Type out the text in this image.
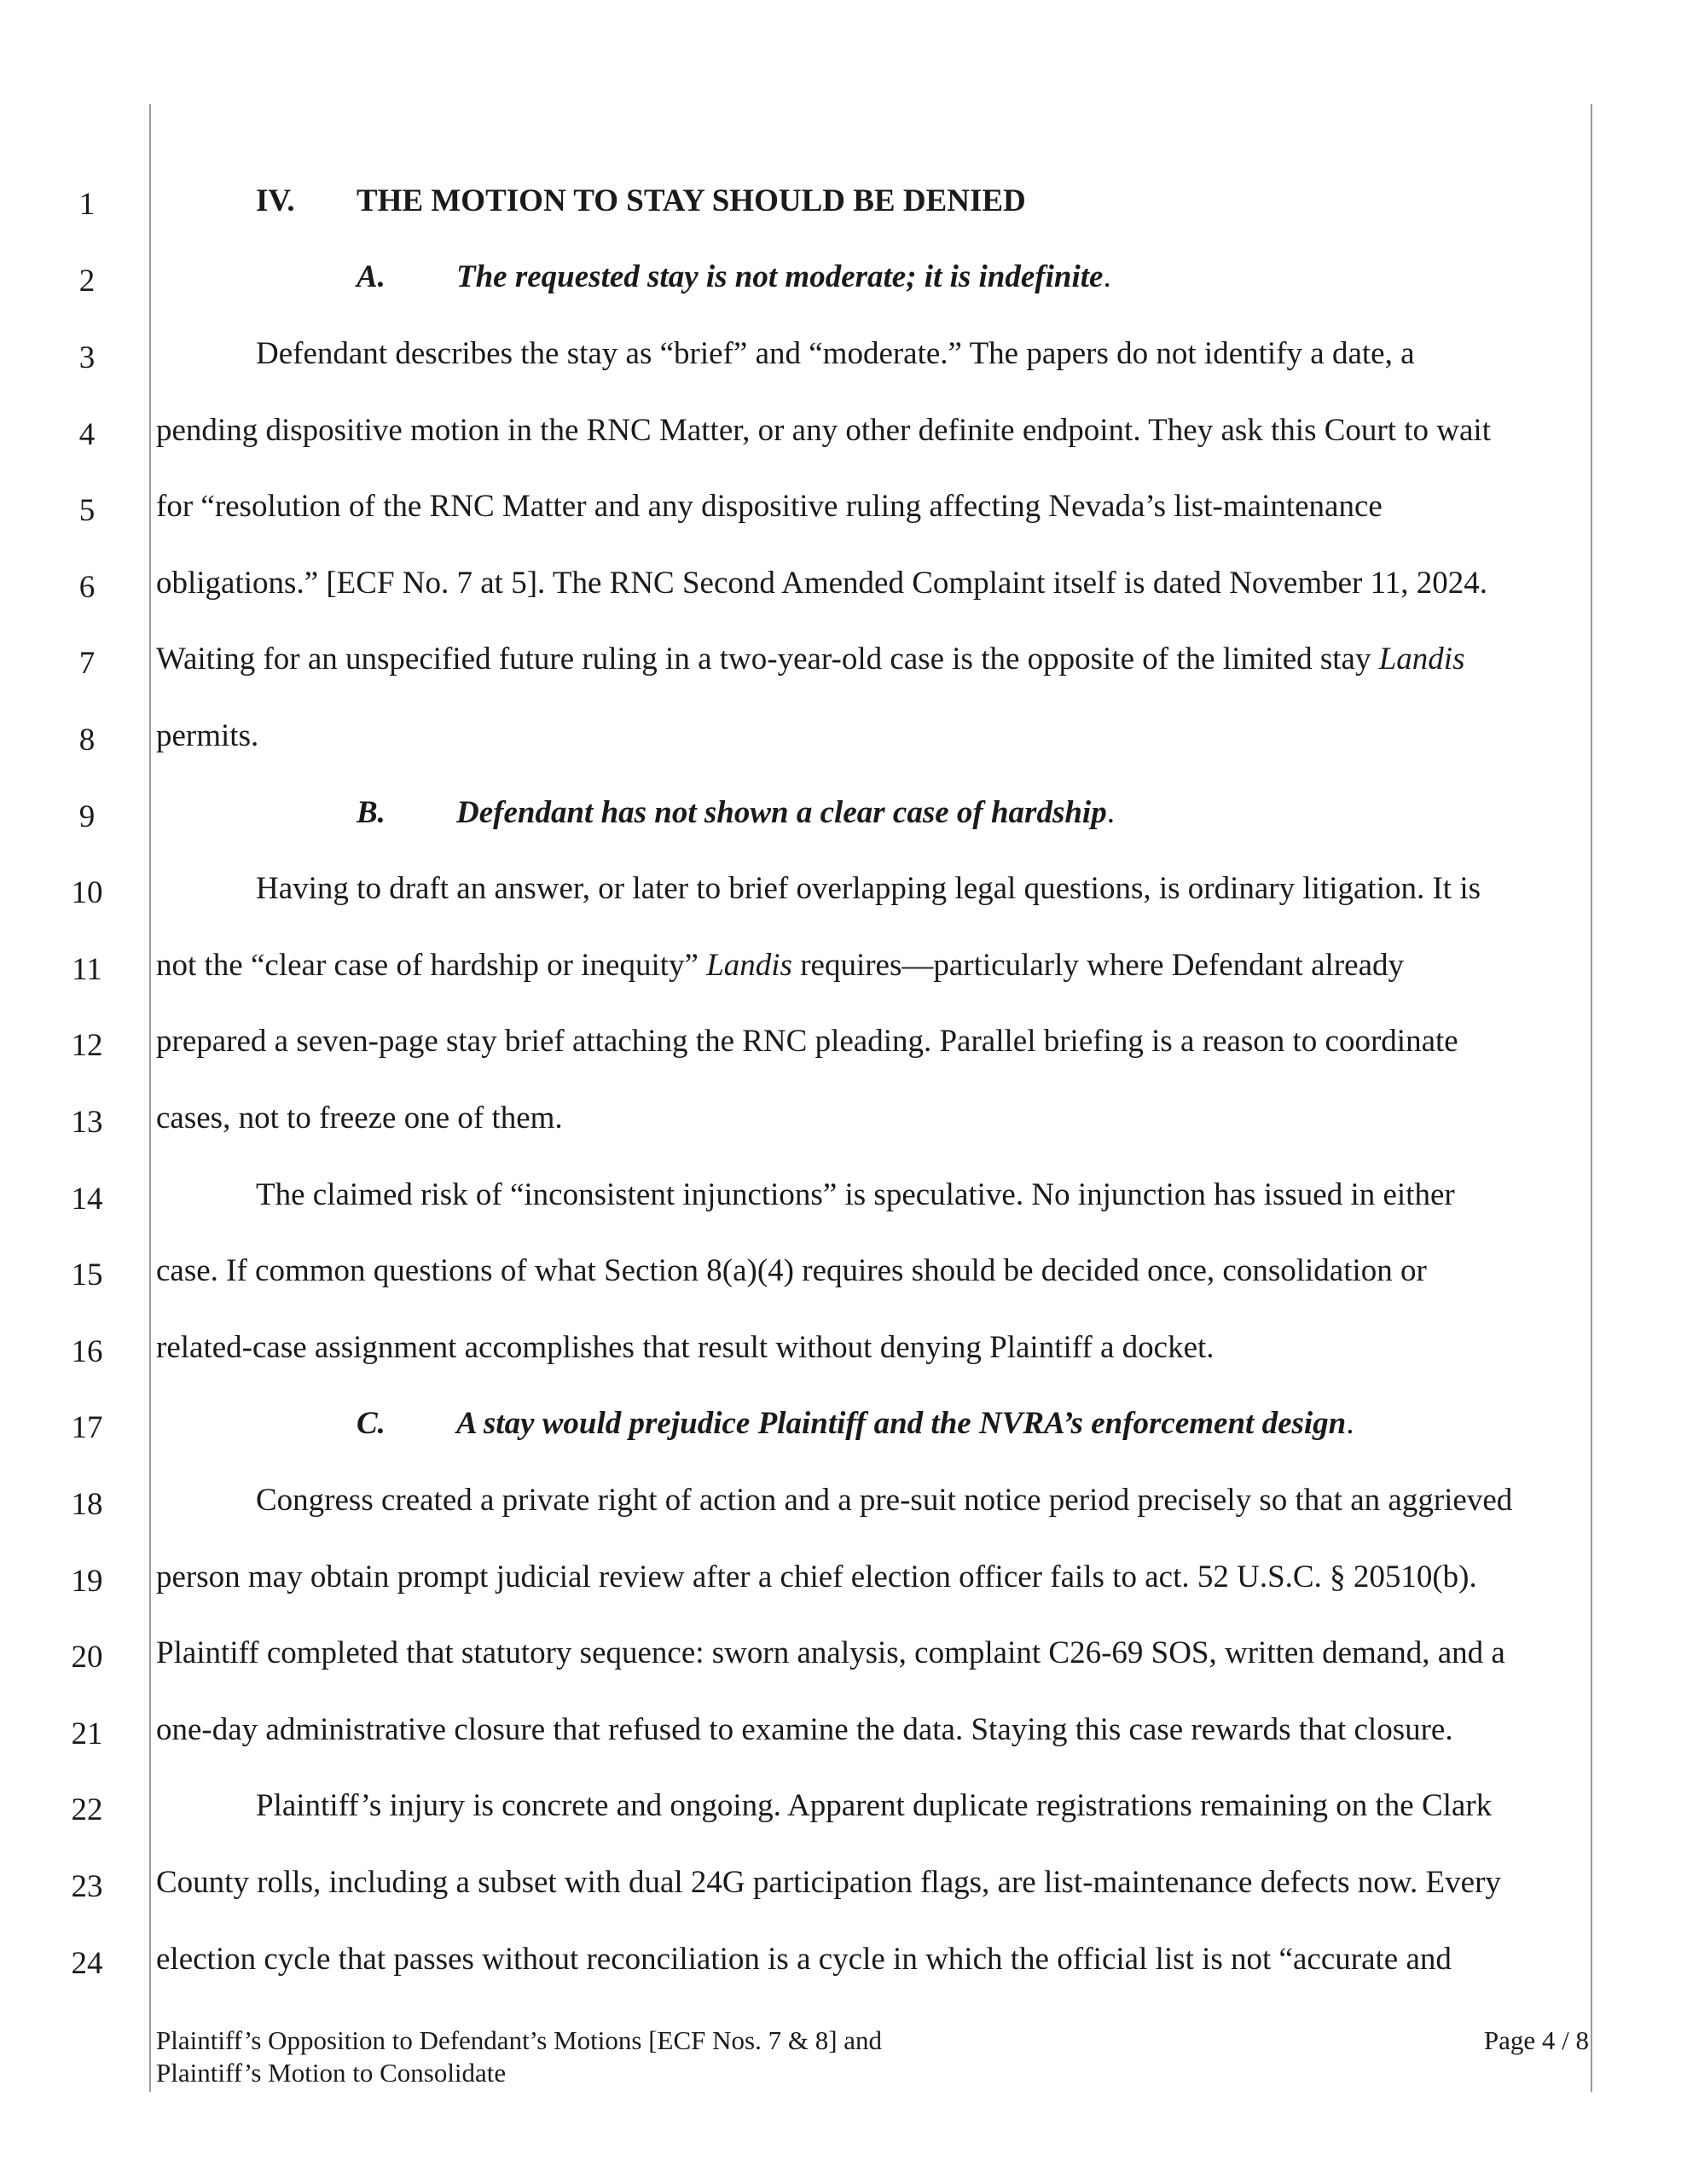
1
2
3
4
5
6
7
8
9
10
11
12
13
14
15
16
17
18
19
20
21
22
23
24
IV. THE MOTION TO STAY SHOULD BE DENIED
A. The requested stay is not moderate; it is indefinite.
Defendant describes the stay as “brief” and “moderate.” The papers do not identify a date, a
pending dispositive motion in the RNC Matter, or any other definite endpoint. They ask this Court to wait
for “resolution of the RNC Matter and any dispositive ruling affecting Nevada’s list-maintenance
obligations.” [ECF No. 7 at 5]. The RNC Second Amended Complaint itself is dated November 11, 2024.
Waiting for an unspecified future ruling in a two-year-old case is the opposite of the limited stay Landis
permits.
B. Defendant has not shown a clear case of hardship.
Having to draft an answer, or later to brief overlapping legal questions, is ordinary litigation. It is
not the “clear case of hardship or inequity” Landis requires—particularly where Defendant already
prepared a seven-page stay brief attaching the RNC pleading. Parallel briefing is a reason to coordinate
cases, not to freeze one of them.
The claimed risk of “inconsistent injunctions” is speculative. No injunction has issued in either
case. If common questions of what Section 8(a)(4) requires should be decided once, consolidation or
related-case assignment accomplishes that result without denying Plaintiff a docket.
C. A stay would prejudice Plaintiff and the NVRA’s enforcement design.
Congress created a private right of action and a pre-suit notice period precisely so that an aggrieved
person may obtain prompt judicial review after a chief election officer fails to act. 52 U.S.C. § 20510(b).
Plaintiff completed that statutory sequence: sworn analysis, complaint C26-69 SOS, written demand, and a
one-day administrative closure that refused to examine the data. Staying this case rewards that closure.
Plaintiff’s injury is concrete and ongoing. Apparent duplicate registrations remaining on the Clark
County rolls, including a subset with dual 24G participation flags, are list-maintenance defects now. Every
election cycle that passes without reconciliation is a cycle in which the official list is not “accurate and
Plaintiff’s Opposition to Defendant’s Motions [ECF Nos. 7 & 8] and
Plaintiff’s Motion to Consolidate
Page 4 / 8
